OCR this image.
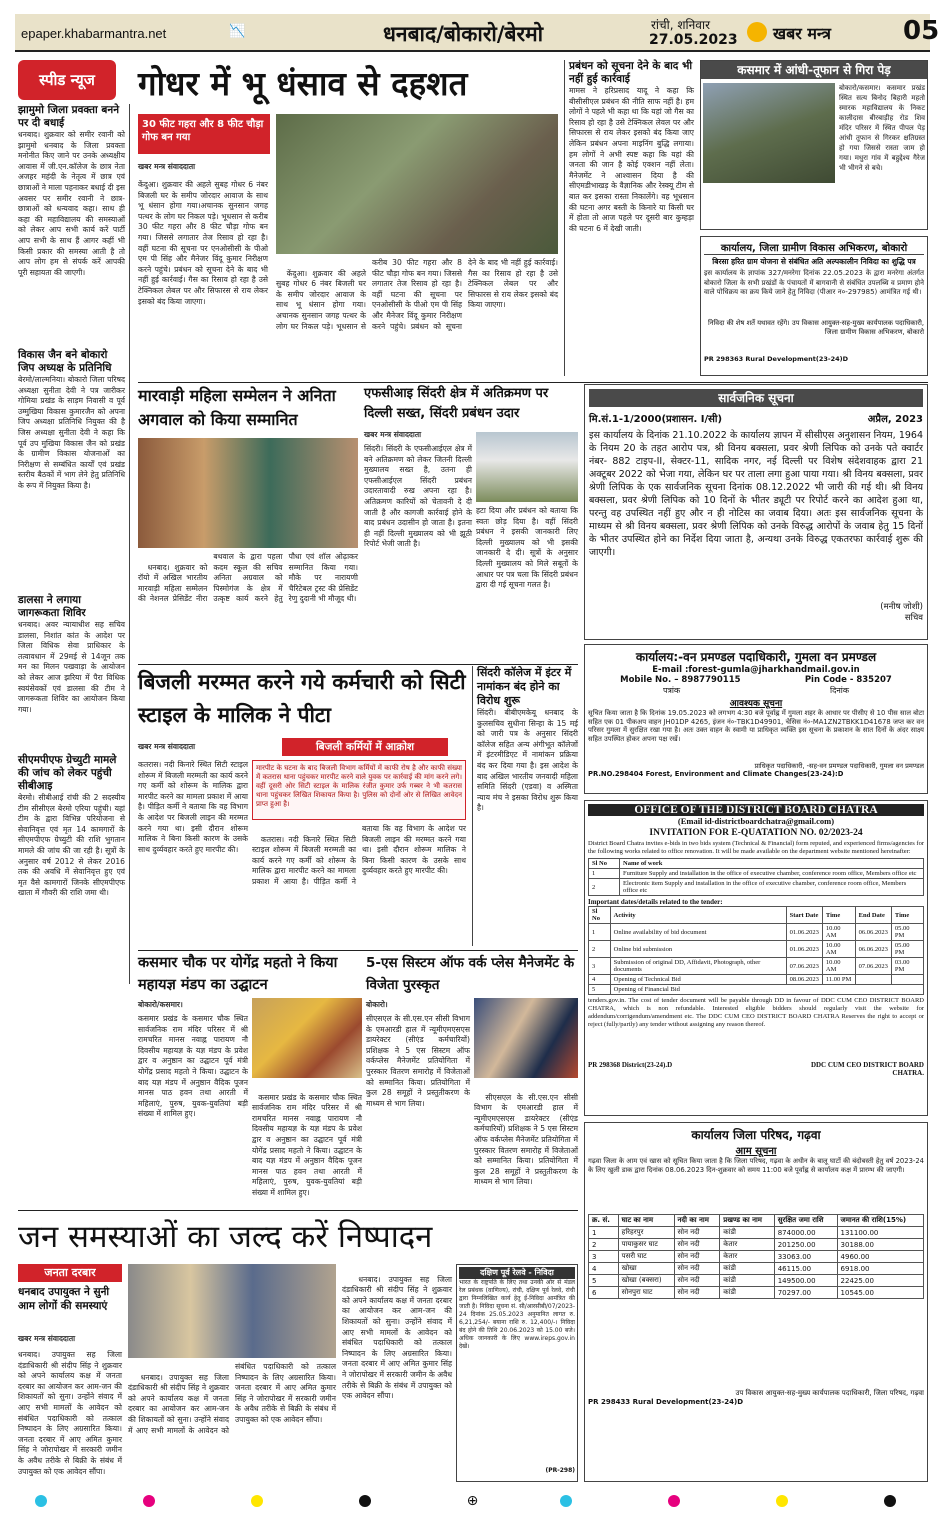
epaper.khabarmantra.net	📉	धनबाद/बोकारो/बेरमो	रांची, शनिवार
27.05.2023 खबर मन्त्र	05
स्पीड न्यूज
झामुमो जिला प्रवक्ता बनने पर दी बधाई
धनबाद। शुक्रवार को समीर रवानी को झामुमो धनबाद के जिला प्रवक्ता मनोनीत किए जाने पर उनके अध्यक्षीय आवास में जी.एन.कॉलेज के छात्र नेता अजहर महंदी के नेतृत्व में छात्र एवं छात्राओं ने माला पहनाकर बधाई दी इस अवसर पर समीर रवानी ने छात्र-छात्राओं को धन्यवाद कहा। साथ ही कहा की महाविद्यालय की समस्याओं को लेकर आप सभी कार्य करें पार्टी आप सभी के साथ हैं आगर कहीं भी किसी प्रकार की समस्या आती है तो आप लोग हम से संपर्क करें आपकी पूरी सहायता की जाएगी।
विकास जैन बने बोकारो जिप अध्यक्ष के प्रतिनिधि
बेरमो/लाल्मनिया। बोकारो जिला परिषद अध्यक्षा सुनीता देवी ने पत्र जारीकर गोमिया प्रखंड के साड़म निवासी व पूर्व उम्मुखिया विकास कुमारजैन को अपना जिप अध्यक्षा प्रतिनिधि नियुक्त की है जिस अध्यक्षा सुनीता देवी ने कहा कि पूर्व उप मुखिया विकास जैन को प्रखंड के ग्रामीण विकास योजनाओं का निरीक्षण से सम्बंधित कार्यों एवं प्रखंड स्तरीय बैठकों में भाग लेने हेतु प्रतिनिधि के रूप में नियुक्त किया है।
डालसा ने लगाया जागरूकता शिविर
धनबाद। अवर न्यायाधीश सह सचिव डालसा, निशांत कांत के आदेश पर जिला विधिक सेवा प्राधिकार के तत्वावधान में 29मई से 14जून तक मन का मिलन पखवाड़ा के आयोजन को लेकर आज झरिया में पैरा विधिक स्वयंसेवकों एवं डालसा की टीम ने जागरूकता शिविर का आयोजन किया गया।
सीएमपीएफ ग्रेच्युटी मामले की जांच को लेकर पहुंची सीबीआइ
बेरमो। सीबीआई रांची की 2 सदस्यीय टीम सीसीएल बेरमो एरिया पहुंची। यहां टीम के द्वारा विभिन्न परियोजना से सेवानिवृत्त एवं मृत 14 कामगारों के सीएमपीएफ ग्रेच्युटी की राशि भुगतान मामले की जांच की जा रही है। सूत्रों के अनुसार वर्ष 2012 से लेकर 2016 तक की अवधि में सेवानिवृत्त हुए एवं मृत वैसे कामगारों जिनके सीएमपीएफ खाता में गौवरी की राशि जमा थी।
गोधर में भू धंसाव से दहशत
30 फीट गहरा और 8 फीट चौड़ा गोफ बन गया
खबर मन्त्र संवाददाता
केंदुआ। शुक्रवार की अहले सुबह गोधर 6 नंबर बिजली घर के समीप जोरदार आवाज के साथ भू धंसान होगा गया।अचानक सुनसान जगह पत्थर के लोग घर निकल पड़े। भूधसान से करीब 30 फीट गहरा और 8 फीट चौड़ा गोफ बन गया। जिससे लगातार तेज रिसाव हो रहा है। वहीं घटना की सूचना पर एनओसीसी के पीओ एम पी सिंह और मैनेजर विंदू कुमार निरीक्षण करने पहुंचे। प्रबंधन को सूचना देने के बाद भी नहीं हुई कार्रवाई। गैस का रिसाव हो रहा है उसे टेक्निकल लेबल पर और सिफारस से राय लेकर इसको बंद किया जाएगा।

केंदुआ। शुक्रवार की अहले सुबह गोधर 6 नंबर बिजली घर के समीप जोरदार आवाज के साथ भू धंसान होगा गया।अचानक सुनसान जगह पत्थर के लोग घर निकल पड़े। भूधसान से करीब 30 फीट गहरा और 8 फीट चौड़ा गोफ बन गया। जिससे लगातार तेज रिसाव हो रहा है। वहीं घटना की सूचना पर एनओसीसी के पीओ एम पी सिंह और मैनेजर विंदू कुमार निरीक्षण करने पहुंचे। प्रबंधन को सूचना देने के बाद भी नहीं हुई कार्रवाई। गैस का रिसाव हो रहा है उसे टेक्निकल लेबल पर और सिफारस से राय लेकर इसको बंद किया जाएगा।

प्रबंधन को सूचना देने के बाद भी नहीं हुई कार्रवाई
मामस ने हरिप्रसाद यादू ने कहा कि बीसीसीएल प्रबंधन की नीति साफ नहीं है। हम लोगों ने पहले भी कहा था कि यहां जो गैस का रिसाव हो रहा है उसे टेक्निकल लेवल पर और सिफारस से राय लेकर इसको बंद किया जाए लेकिन प्रबंधन अपना माइनिंग बुद्धि लगाया। हम लोगों ने अभी स्पष्ट कहा कि यहां की जनता की जान है कोई एक्शन नहीं लेता। मैनेजमेंट ने आश्वासन दिया है की सीएमडीभाखड़ के वैज्ञानिक और रेस्क्यू टीम से बात कर इसका रास्ता निकालेंगे। वह भूधसान की घटना अगर बस्ती के किनारे या किसी घर में होता तो आज पहले पर दूसरी बार कुम्हड़ा की घटना 6 में देखी जाती।
कसमार में आंधी-तूफान से गिरा पेड़
बोकारो/कसमार। कसमार प्रखंड स्थित सत्य बिनोद बिहारी महतो स्मारक महाविद्यालय के निकट कालीदास बीरबाड़ीह रोड शिव मंदिर परिसर में स्थित पीपल पेड़ आंधी तूफान से गिरकर क्षतिग्रस्त हो गया जिससे रास्ता जाम हो गया। मधुरा गांव में बहुद्देश्य गैरेज भी भीगने से बचे।
कार्यालय, जिला ग्रामीण विकास अभिकरण, बोकारो
बिरसा हरित ग्राम योजना से संबंधित अति अल्पकालीन निविदा का शुद्धि पत्र
इस कार्यालय के ज्ञापांक 327/मनरेगा दिनांक 22.05.2023 के द्वारा मनरेगा अंतर्गत बोकारो जिला के सभी प्रखंडों के पंचायतों में बागवानी से संबंधित उपलब्धि व प्रमाण होने वाले पोधिक्रय का क्रय किये जाने हेतु निविदा (पीआर न०-297985) आमंत्रित गई थी।
निविदा की शेष शर्ते यथावत रहेंगे। उप विकास आयुक्त-सह-मुख्य कार्यपालक पदाधिकारी, जिला ग्रामीण विकास अभिकरण, बोकारो
PR 298363 Rural Development(23-24)D
मारवाड़ी महिला सम्मेलन ने अनिता अगवाल को किया सम्मानित

धनबाद। शुक्रवार को रॉयो में अखिल भारतीय मारवाड़ी महिला सम्मेलन की नेशनल प्रेसिडेंट नीरा बथवाल के द्वारा पहला कदम स्कूल की सचिव अनिता अग्रवाल को पिस्मोगंज के क्षेत्र में उत्कृष्ट कार्य करने हेतु पौधा एवं शॉल ओढ़ाकर सम्मानित किया गया। मौके पर नारायणी चैरिटेबल ट्रस्ट की प्रेसिडेंट रेणु दुदानी भी मौजूद थी।

एफसीआइ सिंदरी क्षेत्र में अतिक्रमण पर दिल्ली सख्त, सिंदरी प्रबंधन उदार
खबर मन्त्र संवाददाता
सिंदरी। सिंदरी के एफसीआईएल क्षेत्र में बने अतिक्रमण को लेकर जितनी दिल्ली मुख्यालय सख्त है, उतना ही एफसीआईएल सिंदरी प्रबंधन उदारतावादी रुख अपना रहा है। अतिक्रमण कारियों को चेतावनी दे दी जाती है और कागजी कार्रवाई होने के बाद प्रबंधन उदासीन हो जाता है। इतना ही नहीं दिल्ली मुख्यालय को भी झूठी रिपोर्ट भेजी जाती है।
हटा दिया और प्रबंधन को बताया कि स्वतः छोड़ दिया है। वहीं सिंदरी प्रबंधन ने इसकी जानकारी लिए दिल्ली मुख्यालय को भी इसकी जानकारी दे दी। सूत्रों के अनुसार दिल्ली मुख्यालय को मिले सबूतों के आधार पर पत्र चला कि सिंदरी प्रबंधन द्वारा दी गई सूचना गलत है।
सार्वजनिक सूचना
मि.सं.1-1/2000(प्रशासन. I/सी)	अप्रैल, 2023
इस कार्यालय के दिनांक 21.10.2022 के कार्यालय ज्ञापन में सीसीएस अनुशासन नियम, 1964 के नियम 20 के तहत आरोप पत्र, श्री विनय बक्सला, प्रवर श्रेणी लिपिक को उनके पते क्वार्टर नंबर- 882 टाइप-II, सेक्टर-11, सादिक नगर, नई दिल्ली पर विशेष संदेशवाहक द्वारा 21 अक्टूबर 2022 को भेजा गया, लेकिन घर पर ताला लगा हुआ पाया गया। श्री विनय बक्सला, प्रवर श्रेणी लिपिक के एक सार्वजनिक सूचना दिनांक 08.12.2022 भी जारी की गई थी। श्री विनय बक्सला, प्रवर श्रेणी लिपिक को 10 दिनों के भीतर ड्यूटी पर रिपोर्ट करने का आदेश हुआ था, परन्तु वह उपस्थित नहीं हुए और न ही नोटिस का जवाब दिया। अतः इस सार्वजनिक सूचना के माध्यम से श्री विनय बक्सला, प्रवर श्रेणी लिपिक को उनके विरुद्ध आरोपों के जवाब हेतु 15 दिनों के भीतर उपस्थित होने का निर्देश दिया जाता है, अन्यथा उनके विरुद्ध एकतरफा कार्रवाई शुरू की जाएगी।
(मनीष जोशी)
सचिव
बिजली मरम्मत करने गये कर्मचारी को सिटी स्टाइल के मालिक ने पीटा
बिजली कर्मियों में आक्रोश
खबर मन्त्र संवाददाता
कतरास। नदी किनारे स्थित सिटी स्टाइल शोरूम में बिजली मरम्मती का कार्य करने गए कर्मी को शोरूम के मालिक द्वारा मारपीट करने का मामला प्रकाश में आया है। पीड़ित कर्मी ने बताया कि वह विभाग के आदेश पर बिजली लाइन की मरम्मत करने गया था। इसी दौरान शोरूम मालिक ने बिना किसी कारण के उसके साथ दुर्व्यवहार करते हुए मारपीट की।
मारपीट के घटना के बाद बिजली विभाग कर्मियों में काफी रोष है और काफी संख्या में कतरास थाना पहुंचकर मारपीट करने वाले युवक पर कार्रवाई की मांग करने लगे। वहीं दूसरी ओर सिटी स्टाइल के मालिक रंजीत कुमार उर्फ गब्बर ने भी कतरास थाना पहुंचकर लिखित शिकायत किया है। पुलिस को दोनों ओर से लिखित आवेदन प्राप्त हुआ है।

कतरास। नदी किनारे स्थित सिटी स्टाइल शोरूम में बिजली मरम्मती का कार्य करने गए कर्मी को शोरूम के मालिक द्वारा मारपीट करने का मामला प्रकाश में आया है। पीड़ित कर्मी ने बताया कि वह विभाग के आदेश पर बिजली लाइन की मरम्मत करने गया था। इसी दौरान शोरूम मालिक ने बिना किसी कारण के उसके साथ दुर्व्यवहार करते हुए मारपीट की।

सिंदरी कॉलेज में इंटर में नामांकन बंद होने का विरोध शुरू
सिंदरी। बीबीएमकेयू धनबाद के कुलसचिव सुधीना सिन्हा के 15 मई को जारी पत्र के अनुसार सिंदरी कॉलेज सहित अन्य अंगीभूत कॉलेजों में इंटरमीडिएट में नामांकन प्रक्रिया बंद कर दिया गया है। इस आदेश के बाद अखिल भारतीय जनवादी महिला समिति सिंदरी (एडवा) व अस्मिता न्याय मंच ने इसका विरोध शुरू किया है।
कार्यालय:-वन प्रमण्डल पदाधिकारी, गुमला वन प्रमण्डल
E-mail :forest-gumla@jharkhandmail.gov.in
Mobile No. – 8987790115	Pin Code - 835207
पत्रांक	दिनांक
आवश्यक सूचना
सूचित किया जाता है कि दिनांक 19.05.2023 को लगभग 4:30 बजे पूर्वाह्न में गुमला शहर के आधार पर पीसीए से 10 पीस साल बोटा सहित एक 01 पीकअप वाहन JH01DP 4265, इंजन नं०-TBK1D49901, चेसिस नं०-MA1ZN2TBKK1D41678 जप्त कर वन परिसर गुमला में सुरक्षित रखा गया है। अतः उक्त वाहन के स्वामी या प्राधिकृत व्यक्ति इस सूचना के प्रकाशन के सात दिनों के अंदर साक्ष्य सहित उपस्थित होकर अपना पक्ष रखें।
प्राधिकृत पदाधिकारी, -सह-वन प्रमण्डल पदाधिकारी, गुमला वन प्रमण्डल
PR.NO.298404 Forest, Environment and Climate Changes(23-24):D
OFFICE OF THE DISTRICT BOARD CHATRA
(Email id-districtboardchatra@gmail.com)
INVITATION FOR E-QUATATION NO. 02/2023-24
District Board Chatra invites e-bids in two bids system (Technical & Financial) form reputed, and experienced firms/agencies for the following works related to office renovation. It will be made available on the department website mentioned hereinafter:
Sl No	Name of work
1	Furniture Supply and installation in the office of executive chamber, conference room office, Members office etc
2	Electronic item Supply and installation in the office of executive chamber, conference room office, Members office etc
Important dates/details related to the tender:
Sl No	Activity	Start Date	Time	End Date	Time
1	Online availability of bid document	01.06.2023	10.00 AM	06.06.2023	05.00 PM
2	Online bid submission	01.06.2023	10.00 AM	06.06.2023	05.00 PM
3	Submission of original DD, Affidavit, Photograph, other documents	07.06.2023	10.00 AM	07.06.2023	03.00 PM
4	Opening of Technical Bid	08.06.2023	11.00 PM		
5	Opening of Financial Bid				
tenders.gov.in. The cost of tender document will be payable through DD in favour of DDC CUM CEO DISTRICT BOARD CHATRA, which is non refundable. Interested eligible bidders should regularly visit the website for addendum/corrigendum/amendment etc. The DDC CUM CEO DISTRICT BOARD CHATRA Reserves the right to accept or reject (fully/partly) any tender without assigning any reason thereof.
PR 298368 District(23-24).D	DDC CUM CEO DISTRICT BOARD CHATRA.
कसमार चौक पर योगेंद्र महतो ने किया महायज्ञ मंडप का उद्घाटन
बोकारो/कसमार।
कसमार प्रखंड के कसमार चौक स्थित सार्वजनिक राम मंदिर परिसर में श्री रामचरित मानस नवाह्न पारायण नौ दिवसीय महायज्ञ के यज्ञ मंडप के प्रवेश द्वार व अनुष्ठान का उद्घाटन पूर्व मंत्री योगेंद्र प्रसाद महतो ने किया। उद्घाटन के बाद यज्ञ मंडप में अनुष्ठान वैदिक पूजन मानस पाठ हवन तथा आरती में महिलाएं, पुरुष, युवक-युवतियां बड़ी संख्या में शामिल हुए।

कसमार प्रखंड के कसमार चौक स्थित सार्वजनिक राम मंदिर परिसर में श्री रामचरित मानस नवाह्न पारायण नौ दिवसीय महायज्ञ के यज्ञ मंडप के प्रवेश द्वार व अनुष्ठान का उद्घाटन पूर्व मंत्री योगेंद्र प्रसाद महतो ने किया। उद्घाटन के बाद यज्ञ मंडप में अनुष्ठान वैदिक पूजन मानस पाठ हवन तथा आरती में महिलाएं, पुरुष, युवक-युवतियां बड़ी संख्या में शामिल हुए।

5-एस सिस्टम ऑफ वर्क प्लेस मैनेजमेंट के विजेता पुरस्कृत
बोकारो।
सीएसएल के सी.एस.एन सीसी विभाग के एमआरडी हाल में न्यूमीएमएसएस डायरेक्टर (सीएंड कर्मचारियों) प्रशिक्षक ने 5 एस सिस्टम ऑफ वर्कप्लेस मैनेजमेंट प्रतियोगिता में पुरस्कार वितरण समारोह में विजेताओं को सम्मानित किया। प्रतियोगिता में कुल 28 समूहों ने प्रस्तुतीकरण के माध्यम से भाग लिया।

सीएसएल के सी.एस.एन सीसी विभाग के एमआरडी हाल में न्यूमीएमएसएस डायरेक्टर (सीएंड कर्मचारियों) प्रशिक्षक ने 5 एस सिस्टम ऑफ वर्कप्लेस मैनेजमेंट प्रतियोगिता में पुरस्कार वितरण समारोह में विजेताओं को सम्मानित किया। प्रतियोगिता में कुल 28 समूहों ने प्रस्तुतीकरण के माध्यम से भाग लिया।

जन समस्याओं का जल्द करें निष्पादन
जनता दरबार
धनबाद उपायुक्त ने सुनी आम लोगों की समस्याएं
खबर मन्त्र संवाददाता
धनबाद। उपायुक्त सह जिला दंडाधिकारी श्री संदीप सिंह ने शुक्रवार को अपने कार्यालय कक्ष में जनता दरबार का आयोजन कर आम-जन की शिकायतों को सुना। उन्होंने संवाद में आए सभी मामलों के आवेदन को संबंधित पदाधिकारी को तत्काल निष्पादन के लिए अग्रसारित किया। जनता दरबार में आए अमित कुमार सिंह ने जोरापोखर में सरकारी जमीन के अवैध तरीके से बिक्री के संबंध में उपायुक्त को एक आवेदन सौंपा।

धनबाद। उपायुक्त सह जिला दंडाधिकारी श्री संदीप सिंह ने शुक्रवार को अपने कार्यालय कक्ष में जनता दरबार का आयोजन कर आम-जन की शिकायतों को सुना। उन्होंने संवाद में आए सभी मामलों के आवेदन को संबंधित पदाधिकारी को तत्काल निष्पादन के लिए अग्रसारित किया। जनता दरबार में आए अमित कुमार सिंह ने जोरापोखर में सरकारी जमीन के अवैध तरीके से बिक्री के संबंध में उपायुक्त को एक आवेदन सौंपा।

दक्षिण पूर्व रेलवे - निविदा
भारत के राष्ट्रपति के लिए तथा उनकी ओर से मंडल रेल प्रबंधक (वाणिज्य), रांची, दक्षिण पूर्व रेलवे, रांची द्वारा निम्नलिखित कार्य हेतु ई-निविदा आमंत्रित की जाती है। निविदा सूचना सं. सी/आरसीबी/07/2023-24 दिनांक 25.05.2023 अनुमानित लागत रु. 6,21,254/- बयाना राशि रु. 12,400/-। निविदा बंद होने की तिथि 20.06.2023 को 15.00 बजे। अधिक जानकारी के लिए www.ireps.gov.in देखें।
(PR-298)

धनबाद। उपायुक्त सह जिला दंडाधिकारी श्री संदीप सिंह ने शुक्रवार को अपने कार्यालय कक्ष में जनता दरबार का आयोजन कर आम-जन की शिकायतों को सुना। उन्होंने संवाद में आए सभी मामलों के आवेदन को संबंधित पदाधिकारी को तत्काल निष्पादन के लिए अग्रसारित किया। जनता दरबार में आए अमित कुमार सिंह ने जोरापोखर में सरकारी जमीन के अवैध तरीके से बिक्री के संबंध में उपायुक्त को एक आवेदन सौंपा।

कार्यालय जिला परिषद, गढ़वा
आम सूचना
गढ़वा जिला के आम एवं खास को सूचित किया जाता है कि जिला परिषद, गढ़वा के अधीन के बालू घाटों की बंदोबस्ती हेतु वर्ष 2023-24 के लिए खुली डाक द्वारा दिनांक 08.06.2023 दिन-शुक्रवार को समय 11:00 बजे पूर्वाह्न से कार्यालय कक्ष में प्रारम्भ की जाएगी।
क्र. सं.	घाट का नाम	नदी का नाम	प्रखण्ड का नाम	सुरक्षित जमा राशि	जमानत की राशि(15%)
1	हरिहरपुर	सोन नदी	कांडी	874000.00	131100.00
2	पायाकुसर घाट	सोन नदी	केतार	201250.00	30188.00
3	पसरी घाट	सोन नदी	केतार	33063.00	4960.00
4	खोखा	सोन नदी	कांडी	46115.00	6918.00
5	खोखा (बक्सरा)	सोन नदी	कांडी	149500.00	22425.00
6	सोनपुरा घाट	सोन नदी	कांडी	70297.00	10545.00
उप विकास आयुक्त-सह-मुख्य कार्यपालक पदाधिकारी, जिला परिषद, गढ़वा
PR 298433 Rural Development(23-24)D
⊕
